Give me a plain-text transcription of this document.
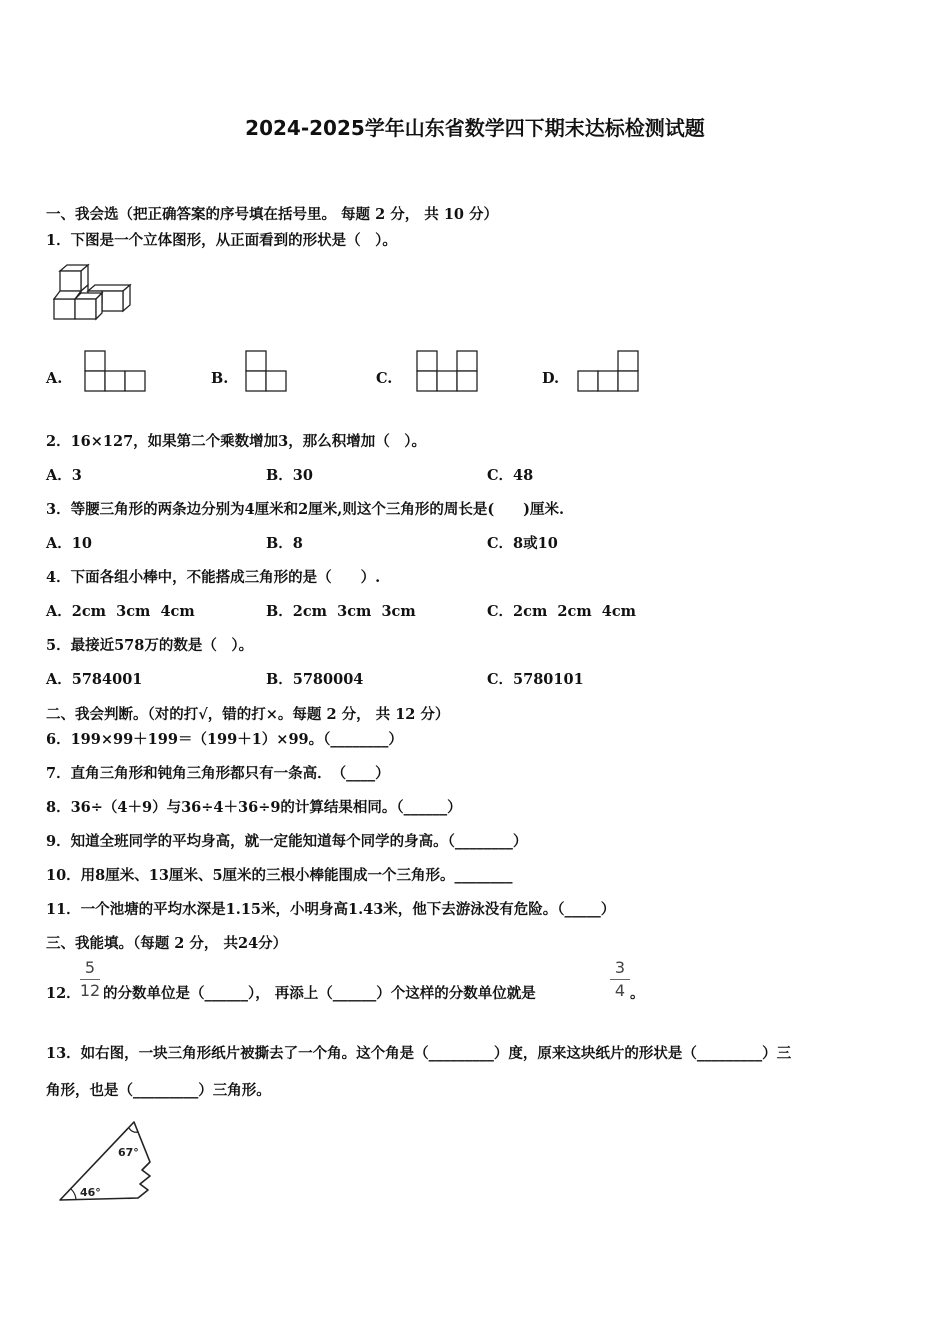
2024-2025学年山东省数学四下期末达标检测试题
一、我会选（把正确答案的序号填在括号里。 每题 2 分， 共 10 分）
1．下图是一个立体图形，从正面看到的形状是（　）。
A.	B.	C.	D.
2．16×127，如果第二个乘数增加3，那么积增加（　）。
A．3	B．30	C．48
3．等腰三角形的两条边分别为4厘米和2厘米,则这个三角形的周长是(　　)厘米.
A．10	B．8	C．8或10
4．下面各组小棒中，不能搭成三角形的是（　　）.
A．2cm  3cm  4cm	B．2cm  3cm  3cm	C．2cm  2cm  4cm
5．最接近578万的数是（　）。
A．5784001	B．5780004	C．5780101
二、我会判断。（对的打√，错的打×。每题 2 分， 共 12 分）
6．199×99＋199＝（199＋1）×99。（________）
7．直角三角形和钝角三角形都只有一条高．　（____）
8．36÷（4＋9）与36÷4＋36÷9的计算结果相同。（______）
9．知道全班同学的平均身高，就一定能知道每个同学的身高。（________）
10．用8厘米、13厘米、5厘米的三根小棒能围成一个三角形。________
11．一个池塘的平均水深是1.15米，小明身高1.43米，他下去游泳没有危险。（_____）
三、我能填。（每题 2 分， 共24分）
12．
5
12 的分数单位是（______）， 再添上（______）个这样的分数单位就是
3
4 。
13．如右图，一块三角形纸片被撕去了一个角。这个角是（_________）度，原来这块纸片的形状是（_________）三
角形，也是（_________）三角形。
67°
46°
